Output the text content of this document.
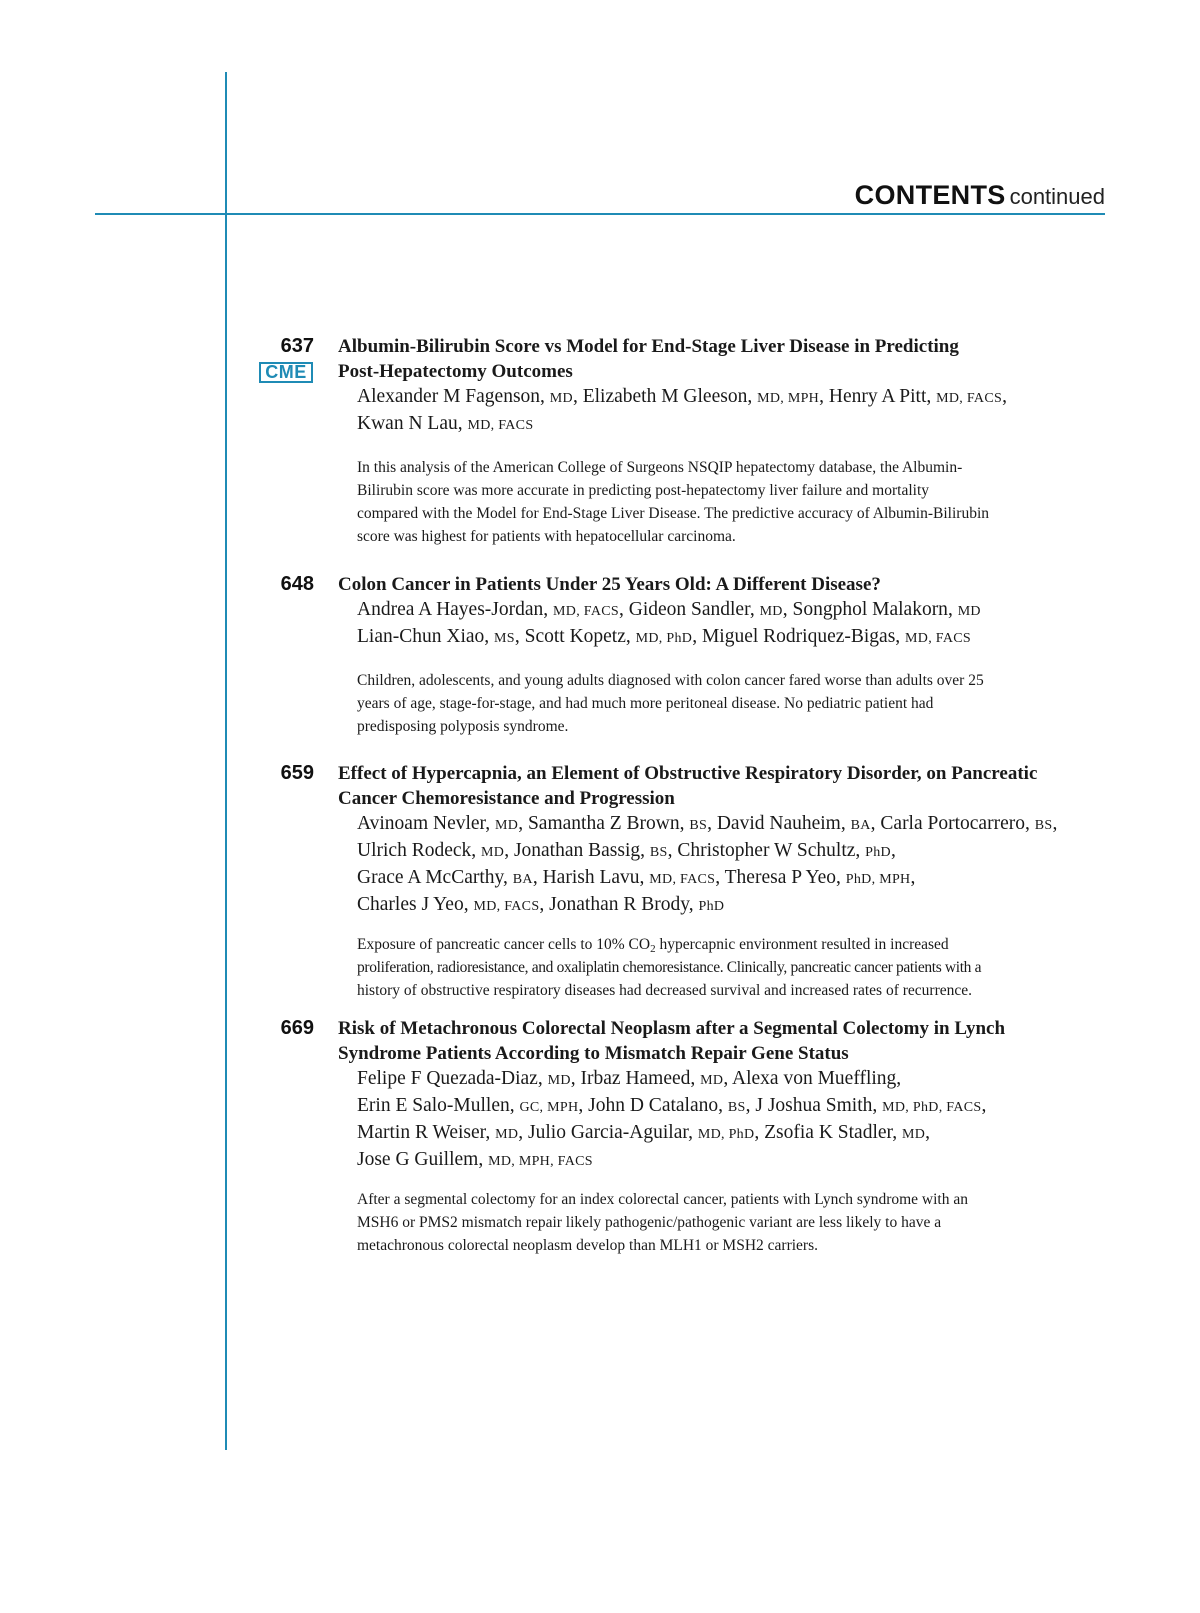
CONTENTS continued
637
CME
Albumin-Bilirubin Score vs Model for End-Stage Liver Disease in Predicting
Post-Hepatectomy Outcomes
Alexander M Fagenson, MD, Elizabeth M Gleeson, MD, MPH, Henry A Pitt, MD, FACS,
Kwan N Lau, MD, FACS
In this analysis of the American College of Surgeons NSQIP hepatectomy database, the Albumin-
Bilirubin score was more accurate in predicting post-hepatectomy liver failure and mortality
compared with the Model for End-Stage Liver Disease. The predictive accuracy of Albumin-Bilirubin
score was highest for patients with hepatocellular carcinoma.
648 Colon Cancer in Patients Under 25 Years Old: A Different Disease?
Andrea A Hayes-Jordan, MD, FACS, Gideon Sandler, MD, Songphol Malakorn, MD
Lian-Chun Xiao, MS, Scott Kopetz, MD, PhD, Miguel Rodriquez-Bigas, MD, FACS
Children, adolescents, and young adults diagnosed with colon cancer fared worse than adults over 25
years of age, stage-for-stage, and had much more peritoneal disease. No pediatric patient had
predisposing polyposis syndrome.
659 Effect of Hypercapnia, an Element of Obstructive Respiratory Disorder, on Pancreatic
Cancer Chemoresistance and Progression
Avinoam Nevler, MD, Samantha Z Brown, BS, David Nauheim, BA, Carla Portocarrero, BS,
Ulrich Rodeck, MD, Jonathan Bassig, BS, Christopher W Schultz, PhD,
Grace A McCarthy, BA, Harish Lavu, MD, FACS, Theresa P Yeo, PhD, MPH,
Charles J Yeo, MD, FACS, Jonathan R Brody, PhD
Exposure of pancreatic cancer cells to 10% $CO_2$ hypercapnic environment resulted in increased
proliferation, radioresistance, and oxaliplatin chemoresistance. Clinically, pancreatic cancer patients with a
history of obstructive respiratory diseases had decreased survival and increased rates of recurrence.
669 Risk of Metachronous Colorectal Neoplasm after a Segmental Colectomy in Lynch
Syndrome Patients According to Mismatch Repair Gene Status
Felipe F Quezada-Diaz, MD, Irbaz Hameed, MD, Alexa von Mueffling,
Erin E Salo-Mullen, GC, MPH, John D Catalano, BS, J Joshua Smith, MD, PhD, FACS,
Martin R Weiser, MD, Julio Garcia-Aguilar, MD, PhD, Zsofia K Stadler, MD,
Jose G Guillem, MD, MPH, FACS
After a segmental colectomy for an index colorectal cancer, patients with Lynch syndrome with an
MSH6 or PMS2 mismatch repair likely pathogenic/pathogenic variant are less likely to have a
metachronous colorectal neoplasm develop than MLH1 or MSH2 carriers.
